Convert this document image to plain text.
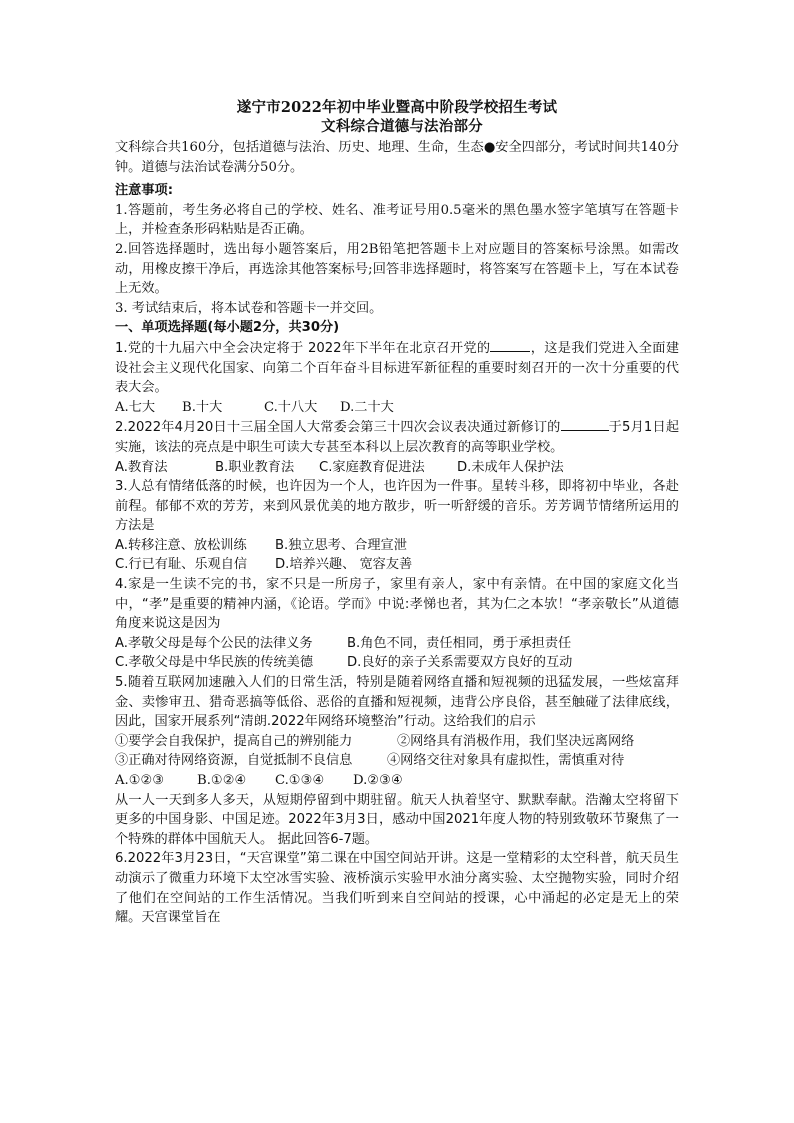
遂宁市2022年初中毕业暨高中阶段学校招生考试
文科综合道德与法治部分

文科综合共160分，包括道德与法治、历史、地理、生命，生态●安全四部分，考试时间共140分钟。道德与法治试卷满分50分。

注意事项:

1.答题前，考生务必将自己的学校、姓名、准考证号用0.5毫米的黑色墨水签字笔填写在答题卡上，并检查条形码粘贴是否正确。

2.回答选择题时，选出每小题答案后，用2B铅笔把答题卡上对应题目的答案标号涂黑。如需改动，用橡皮擦干净后，再选涂其他答案标号;回答非选择题时，将答案写在答题卡上，写在本试卷上无效。

3. 考试结束后，将本试卷和答题卡一并交回。

一、单项选择题(每小题2分，共30分)

1.党的十九届六中全会决定将于 2022年下半年在北京召开党的	，这是我们党进入全面建设社会主义现代化国家、向第二个百年奋斗目标进军新征程的重要时刻召开的一次十分重要的代表大会。

A.七大	B.十大	C.十八大	D.二十大

2.2022年4月20日十三届全国人大常委会第三十四次会议表决通过新修订的	于5月1日起实施，该法的亮点是中职生可读大专甚至本科以上层次教育的高等职业学校。

A.教育法	B.职业教育法	C.家庭教育促进法	D.未成年人保护法

3.人总有情绪低落的时候，也许因为一个人，也许因为一件事。星转斗移，即将初中毕业，各赴前程。郁郁不欢的芳芳，来到风景优美的地方散步，听一听舒缓的音乐。芳芳调节情绪所运用的方法是

A.转移注意、放松训练	B.独立思考、合理宣泄
C.行已有耻、乐观自信	D.培养兴趣、 宽容友善

4.家是一生读不完的书，家不只是一所房子，家里有亲人，家中有亲情。在中国的家庭文化当中，“孝”是重要的精神内涵，《论语。学而》中说:孝悌也者，其为仁之本欤！“孝亲敬长”从道德角度来说这是因为

A.孝敬父母是每个公民的法律义务	B.角色不同，责任相同，勇于承担责任
C.孝敬父母是中华民族的传统美德	D.良好的亲子关系需要双方良好的互动

5.随着互联网加速融入人们的日常生活，特别是随着网络直播和短视频的迅猛发展，一些炫富拜金、卖惨审丑、猎奇恶搞等低俗、恶俗的直播和短视频，违背公序良俗，甚至触碰了法律底线，因此，国家开展系列“清朗.2022年网络环境整治”行动。这给我们的启示

①要学会自我保护，提高自己的辨别能力	②网络具有消极作用，我们坚决远离网络
③正确对待网络资源，自觉抵制不良信息	④网络交往对象具有虚拟性，需慎重对待
A.①②③	B.①②④	C.①③④	D.②③④

从一人一天到多人多天，从短期停留到中期驻留。航天人执着坚守、默默奉献。浩瀚太空将留下更多的中国身影、中国足迹。2022年3月3日，感动中国2021年度人物的特别致敬环节聚焦了一个特殊的群体中国航天人。 据此回答6-7题。

6.2022年3月23日，“天宫课堂”第二课在中国空间站开讲。这是一堂精彩的太空科普，航天员生动演示了微重力环境下太空冰雪实验、液桥演示实验甲水油分离实验、太空抛物实验，同时介绍了他们在空间站的工作生活情况。当我们听到来自空间站的授课，心中涌起的必定是无上的荣耀。天宫课堂旨在
